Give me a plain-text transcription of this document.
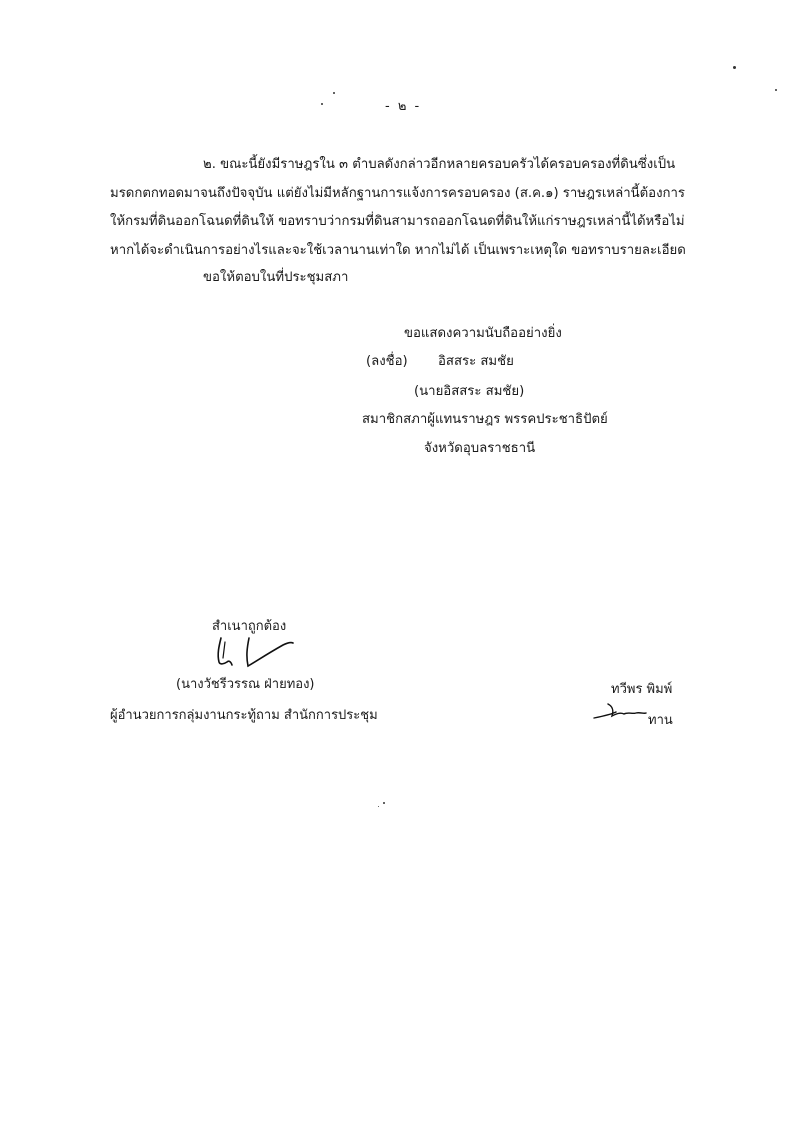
- ๒ -
๒. ขณะนี้ยังมีราษฎรใน ๓ ตำบลดังกล่าวอีกหลายครอบครัวได้ครอบครองที่ดินซึ่งเป็น
มรดกตกทอดมาจนถึงปัจจุบัน แต่ยังไม่มีหลักฐานการแจ้งการครอบครอง (ส.ค.๑) ราษฎรเหล่านี้ต้องการ
ให้กรมที่ดินออกโฉนดที่ดินให้ ขอทราบว่ากรมที่ดินสามารถออกโฉนดที่ดินให้แก่ราษฎรเหล่านี้ได้หรือไม่
หากได้จะดำเนินการอย่างไรและจะใช้เวลานานเท่าใด หากไม่ได้ เป็นเพราะเหตุใด ขอทราบรายละเอียด
ขอให้ตอบในที่ประชุมสภา
ขอแสดงความนับถืออย่างยิ่ง
(ลงชื่อ) อิสสระ สมชัย
(นายอิสสระ สมชัย)
สมาชิกสภาผู้แทนราษฎร พรรคประชาธิปัตย์
จังหวัดอุบลราชธานี
สำเนาถูกต้อง
(นางวัชรีวรรณ ฝ่ายทอง)
ผู้อำนวยการกลุ่มงานกระทู้ถาม สำนักการประชุม
ทวีพร พิมพ์
ทาน
